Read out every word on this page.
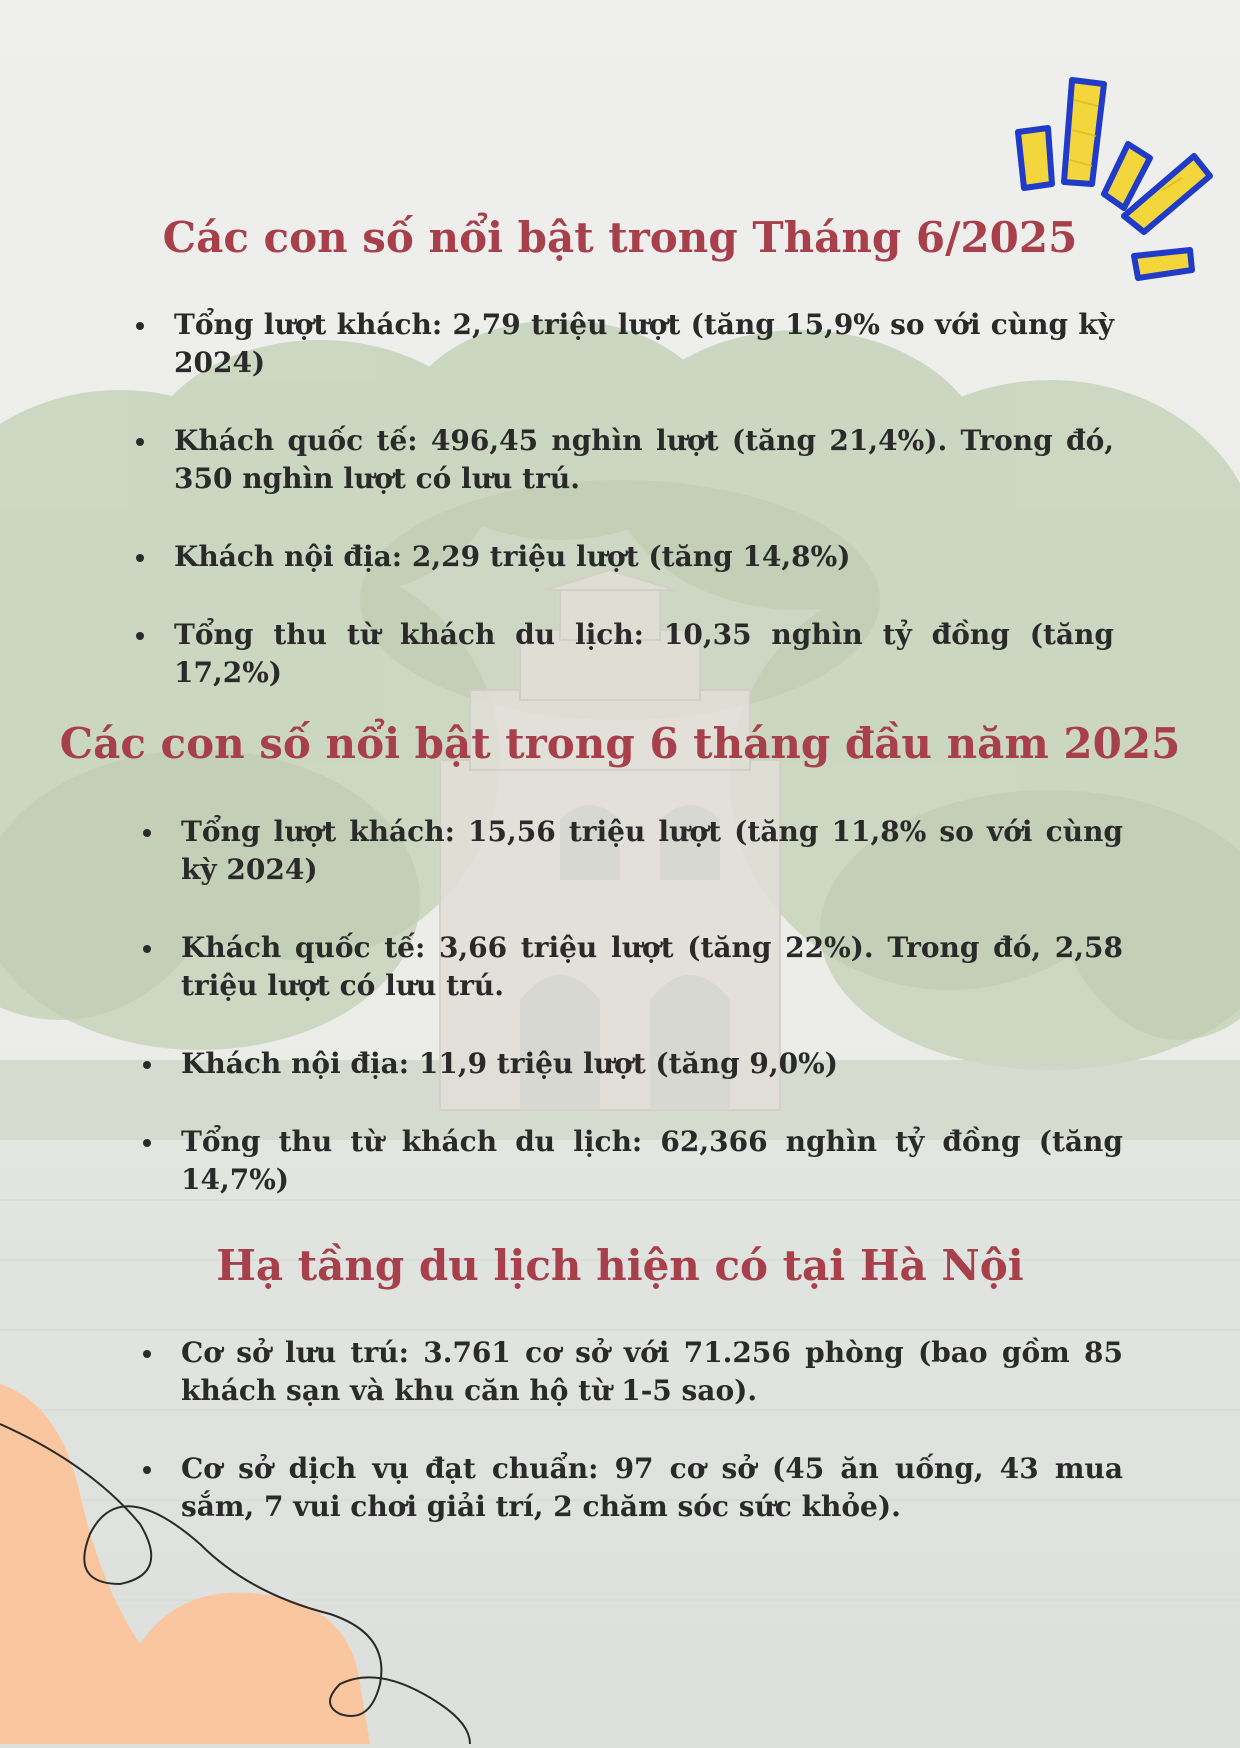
Các con số nổi bật trong Tháng 6/2025
Tổng lượt khách: 2,79 triệu lượt (tăng 15,9% so với cùng kỳ 2024)
Khách quốc tế: 496,45 nghìn lượt (tăng 21,4%). Trong đó, 350 nghìn lượt có lưu trú.
Khách nội địa: 2,29 triệu lượt (tăng 14,8%)
Tổng thu từ khách du lịch: 10,35 nghìn tỷ đồng (tăng 17,2%)
Các con số nổi bật trong 6 tháng đầu năm 2025
Tổng lượt khách: 15,56 triệu lượt (tăng 11,8% so với cùng kỳ 2024)
Khách quốc tế: 3,66 triệu lượt (tăng 22%). Trong đó, 2,58 triệu lượt có lưu trú.
Khách nội địa: 11,9 triệu lượt (tăng 9,0%)
Tổng thu từ khách du lịch: 62,366 nghìn tỷ đồng (tăng 14,7%)
Hạ tầng du lịch hiện có tại Hà Nội
Cơ sở lưu trú: 3.761 cơ sở với 71.256 phòng (bao gồm 85 khách sạn và khu căn hộ từ 1-5 sao).
Cơ sở dịch vụ đạt chuẩn: 97 cơ sở (45 ăn uống, 43 mua sắm, 7 vui chơi giải trí, 2 chăm sóc sức khỏe).
